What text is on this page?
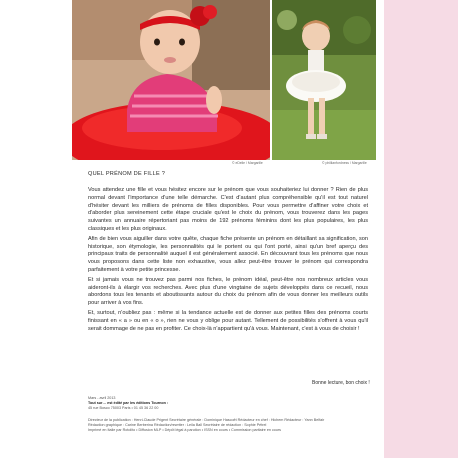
© eDelle / Margarille	© phillianfordness / Margarille

QUEL PRÉNOM DE FILLE ?

Vous attendez une fille et vous hésitez encore sur le prénom que vous souhaiteriez lui donner ? Rien de plus normal devant l'importance d'une telle démarche. C'est d'autant plus compréhensible qu'il est tout naturel d'hésiter devant les milliers de prénoms de filles disponibles. Pour vous permettre d'affiner votre choix et d'aborder plus sereinement cette étape cruciale qu'est le choix du prénom, vous trouverez dans les pages suivantes un annuaire répertoriant pas moins de 192 prénoms féminins dont les plus populaires, les plus classiques et les plus originaux.

Afin de bien vous aiguiller dans votre quête, chaque fiche présente un prénom en détaillant sa signification, son historique, son étymologie, les personnalités qui le portent ou qui l'ont porté, ainsi qu'un bref aperçu des principaux traits de personnalité auquel il est généralement associé. En découvrant tous les prénoms que nous vous proposons dans cette liste non exhaustive, vous allez peut-être trouver le prénom qui correspondra parfaitement à votre petite princesse.

Et si jamais vous ne trouvez pas parmi nos fiches, le prénom idéal, peut-être nos nombreux articles vous aideront-ils à élargir vos recherches. Avec plus d'une vingtaine de sujets développés dans ce recueil, nous abordons tous les tenants et aboutissants autour du choix du prénom afin de vous donner les meilleurs outils pour arriver à vos fins.

Et, surtout, n'oubliez pas : même si la tendance actuelle est de donner aux petites filles des prénoms courts finissant en « a » ou en « o », rien ne vous y oblige pour autant. Tellement de possibilités s'offrent à vous qu'il serait dommage de ne pas en profiter. Ce choix-là n'appartient qu'à vous. Maintenant, c'est à vous de choisir !

Bonne lecture, bon choix !
Mars - avril 2013
Tout sur… est édité par les éditions Tournon :
45 rue Bosco 75003 Paris • 01 45 36 22 00
Directeur de la publication : Henri-Claude Prigent Secrétaire générale : Dominique Hascoët Rédacteur en chef : Hichem Rédacteur : Yann Belfair
Rédaction graphique : Carine Berberina Rédaction/rewriter : Leila Ball Secrétaire de rédaction : Sophie Pétrel
Imprimé en Italie par Rotolito • Diffusion MLP • Dépôt légal à parution • ISSN en cours • Commission paritaire en cours
